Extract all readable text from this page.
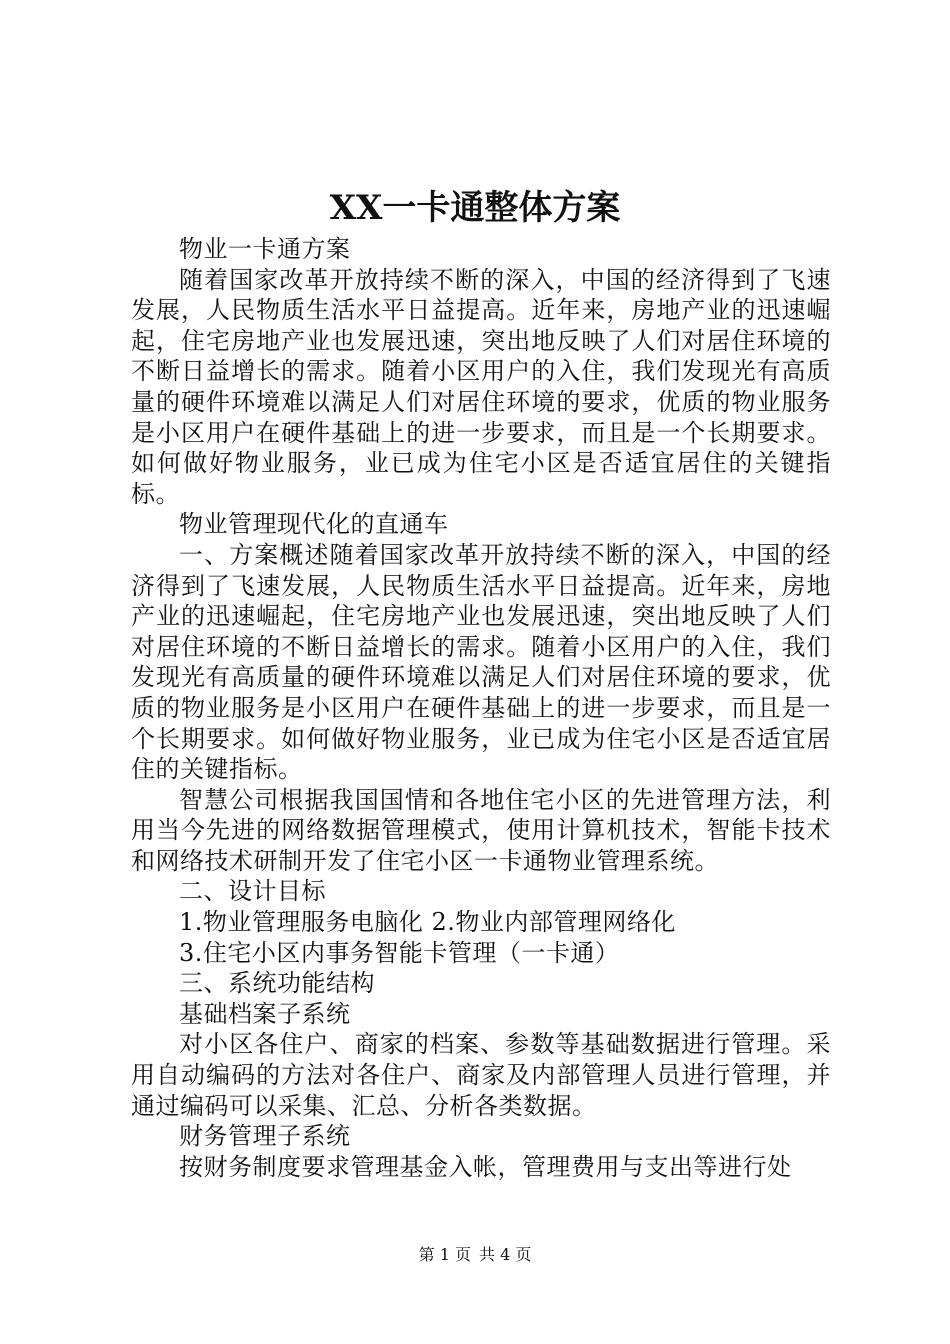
XX一卡通整体方案

物业一卡通方案

随着国家改革开放持续不断的深入，中国的经济得到了飞速发展，人民物质生活水平日益提高。近年来，房地产业的迅速崛起，住宅房地产业也发展迅速，突出地反映了人们对居住环境的不断日益增长的需求。随着小区用户的入住，我们发现光有高质量的硬件环境难以满足人们对居住环境的要求，优质的物业服务是小区用户在硬件基础上的进一步要求，而且是一个长期要求。如何做好物业服务，业已成为住宅小区是否适宜居住的关键指标。

物业管理现代化的直通车

一、方案概述随着国家改革开放持续不断的深入，中国的经济得到了飞速发展，人民物质生活水平日益提高。近年来，房地产业的迅速崛起，住宅房地产业也发展迅速，突出地反映了人们对居住环境的不断日益增长的需求。随着小区用户的入住，我们发现光有高质量的硬件环境难以满足人们对居住环境的要求，优质的物业服务是小区用户在硬件基础上的进一步要求，而且是一个长期要求。如何做好物业服务，业已成为住宅小区是否适宜居住的关键指标。

智慧公司根据我国国情和各地住宅小区的先进管理方法，利用当今先进的网络数据管理模式，使用计算机技术，智能卡技术和网络技术研制开发了住宅小区一卡通物业管理系统。

二、设计目标

1.物业管理服务电脑化 2.物业内部管理网络化

3.住宅小区内事务智能卡管理（一卡通）

三、系统功能结构

基础档案子系统

对小区各住户、商家的档案、参数等基础数据进行管理。采用自动编码的方法对各住户、商家及内部管理人员进行管理，并通过编码可以采集、汇总、分析各类数据。

财务管理子系统

按财务制度要求管理基金入帐，管理费用与支出等进行处

第 1 页 共 4 页
